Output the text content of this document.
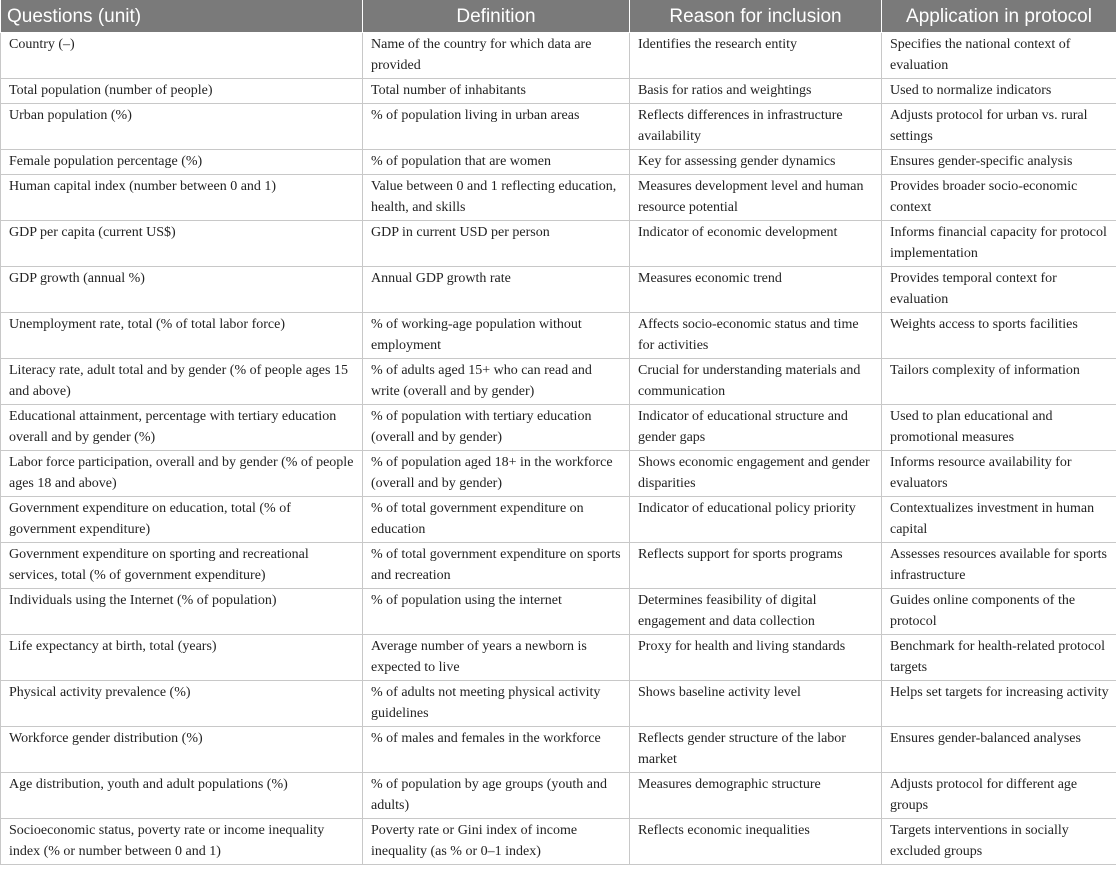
Questions (unit)	Definition	Reason for inclusion	Application in protocol
Country (–)	Name of the country for which data are provided	Identifies the research entity	Specifies the national context of evaluation
Total population (number of people)	Total number of inhabitants	Basis for ratios and weightings	Used to normalize indicators
Urban population (%)	% of population living in urban areas	Reflects differences in infrastructure availability	Adjusts protocol for urban vs. rural settings
Female population percentage (%)	% of population that are women	Key for assessing gender dynamics	Ensures gender-specific analysis
Human capital index (number between 0 and 1)	Value between 0 and 1 reflecting education, health, and skills	Measures development level and human resource potential	Provides broader socio-economic context
GDP per capita (current US$)	GDP in current USD per person	Indicator of economic development	Informs financial capacity for protocol implementation
GDP growth (annual %)	Annual GDP growth rate	Measures economic trend	Provides temporal context for evaluation
Unemployment rate, total (% of total labor force)	% of working-age population without employment	Affects socio-economic status and time for activities	Weights access to sports facilities
Literacy rate, adult total and by gender (% of people ages 15 and above)	% of adults aged 15+ who can read and write (overall and by gender)	Crucial for understanding materials and communication	Tailors complexity of information
Educational attainment, percentage with tertiary education overall and by gender (%)	% of population with tertiary education (overall and by gender)	Indicator of educational structure and gender gaps	Used to plan educational and promotional measures
Labor force participation, overall and by gender (% of people ages 18 and above)	% of population aged 18+ in the workforce (overall and by gender)	Shows economic engagement and gender disparities	Informs resource availability for evaluators
Government expenditure on education, total (% of government expenditure)	% of total government expenditure on education	Indicator of educational policy priority	Contextualizes investment in human capital
Government expenditure on sporting and recreational services, total (% of government expenditure)	% of total government expenditure on sports and recreation	Reflects support for sports programs	Assesses resources available for sports infrastructure
Individuals using the Internet (% of population)	% of population using the internet	Determines feasibility of digital engagement and data collection	Guides online components of the protocol
Life expectancy at birth, total (years)	Average number of years a newborn is expected to live	Proxy for health and living standards	Benchmark for health-related protocol targets
Physical activity prevalence (%)	% of adults not meeting physical activity guidelines	Shows baseline activity level	Helps set targets for increasing activity
Workforce gender distribution (%)	% of males and females in the workforce	Reflects gender structure of the labor market	Ensures gender-balanced analyses
Age distribution, youth and adult populations (%)	% of population by age groups (youth and adults)	Measures demographic structure	Adjusts protocol for different age groups
Socioeconomic status, poverty rate or income inequality index (% or number between 0 and 1)	Poverty rate or Gini index of income inequality (as % or 0–1 index)	Reflects economic inequalities	Targets interventions in socially excluded groups
